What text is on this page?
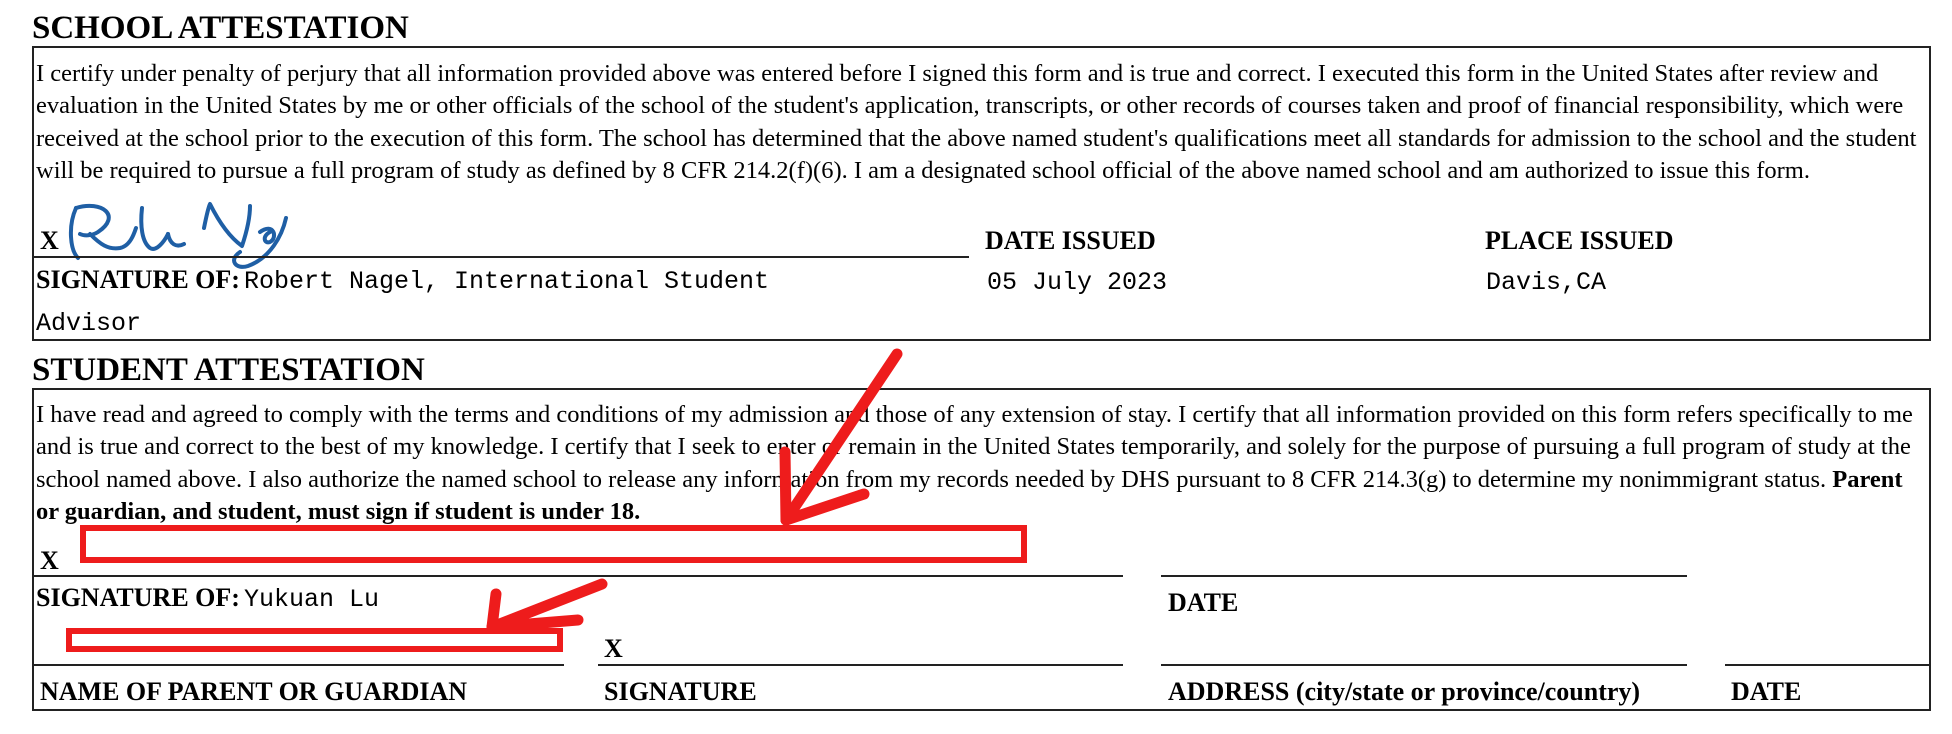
SCHOOL ATTESTATION

I certify under penalty of perjury that all information provided above was entered before I signed this form and is true and correct. I executed this form in the United States after review and evaluation in the United States by me or other officials of the school of the student's application, transcripts, or other records of courses taken and proof of financial responsibility, which were received at the school prior to the execution of this form. The school has determined that the above named student's qualifications meet all standards for admission to the school and the student will be required to pursue a full program of study as defined by 8 CFR 214.2(f)(6). I am a designated school official of the above named school and am authorized to issue this form.

X	DATE ISSUED	PLACE ISSUED
SIGNATURE OF: Robert Nagel, International Student Advisor
05 July 2023	Davis,CA
STUDENT ATTESTATION

I have read and agreed to comply with the terms and conditions of my admission and those of any extension of stay. I certify that all information provided on this form refers specifically to me and is true and correct to the best of my knowledge. I certify that I seek to enter or remain in the United States temporarily, and solely for the purpose of pursuing a full program of study at the school named above. I also authorize the named school to release any information from my records needed by DHS pursuant to 8 CFR 214.3(g) to determine my nonimmigrant status. Parent or guardian, and student, must sign if student is under 18.

X
SIGNATURE OF: Yukuan Lu	DATE
X
NAME OF PARENT OR GUARDIAN	SIGNATURE	ADDRESS (city/state or province/country)	DATE
